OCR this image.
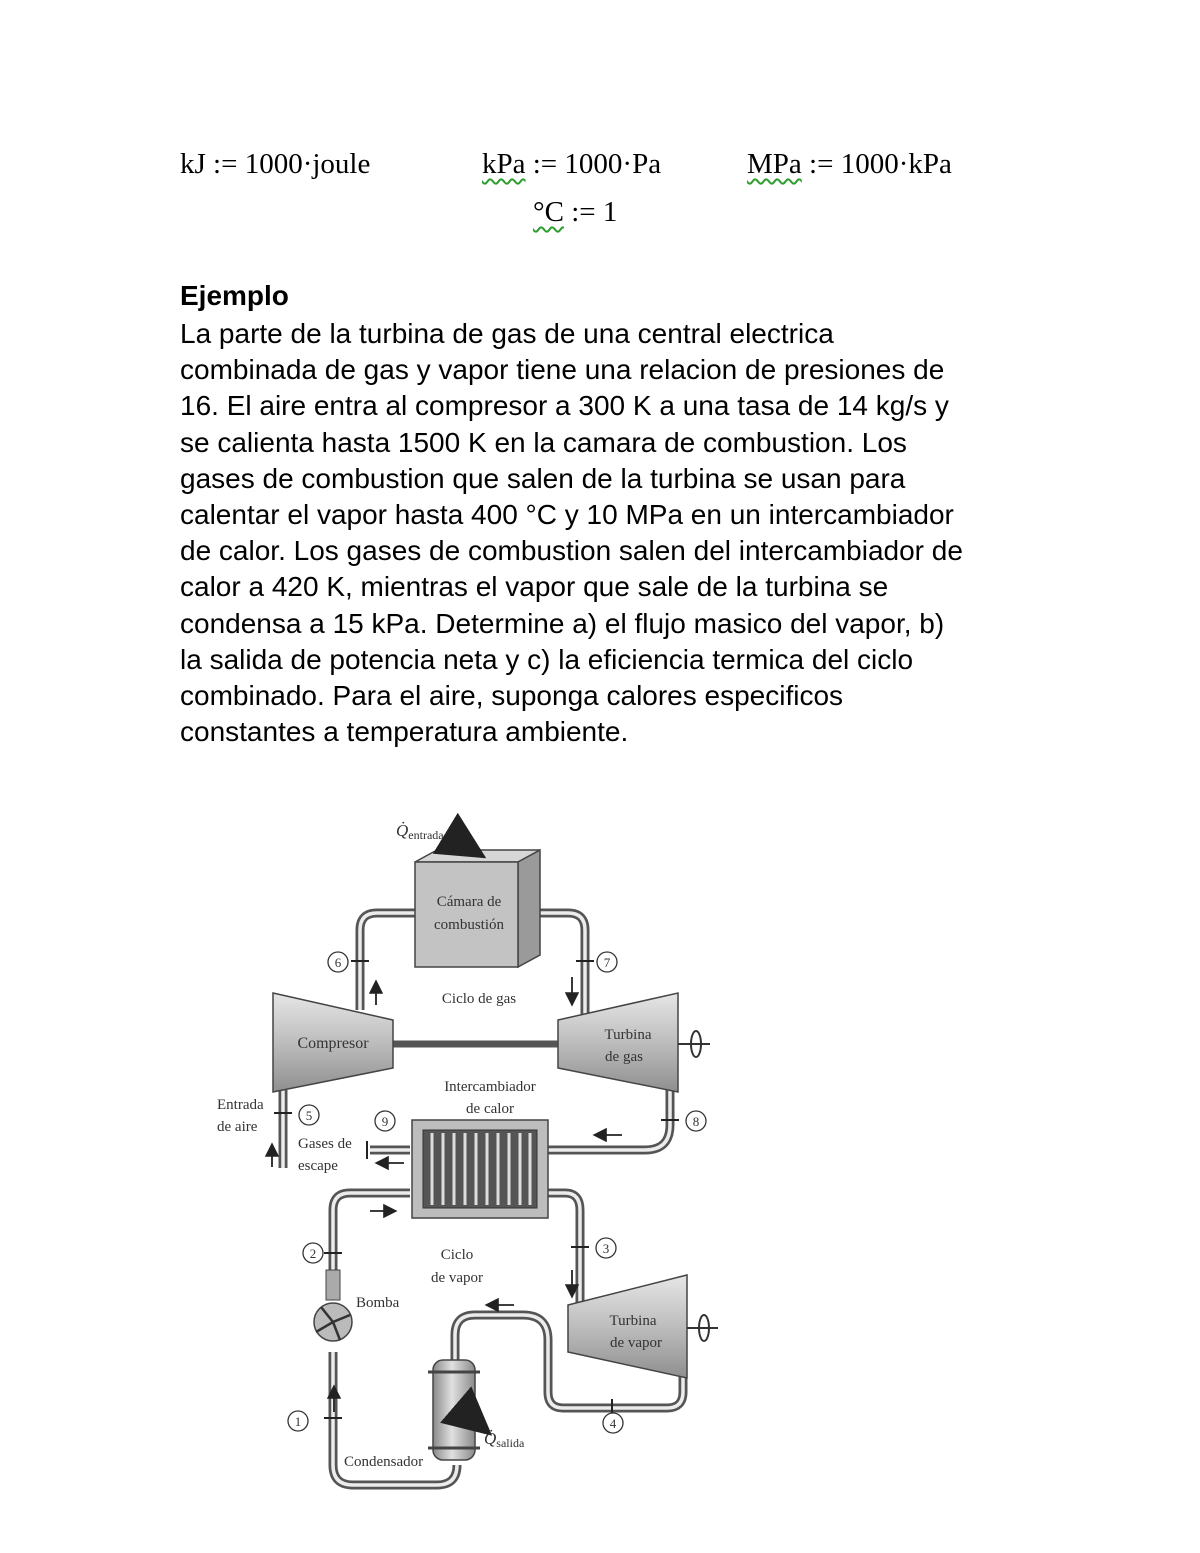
kJ := 1000·joule	kPa := 1000·Pa	MPa := 1000·kPa
°C := 1
Ejemplo
La parte de la turbina de gas de una central electrica
combinada de gas y vapor tiene una relacion de presiones de
16. El aire entra al compresor a 300 K a una tasa de 14 kg/s y
se calienta hasta 1500 K en la camara de combustion. Los
gases de combustion que salen de la turbina se usan para
calentar el vapor hasta 400 °C y 10 MPa en un intercambiador
de calor. Los gases de combustion salen del intercambiador de
calor a 420 K, mientras el vapor que sale de la turbina se
condensa a 15 kPa. Determine a) el flujo masico del vapor, b)
la salida de potencia neta y c) la eficiencia termica del ciclo
combinado. Para el aire, suponga calores especificos
constantes a temperatura ambiente.
1
2	3
4
5
6	7
8
9
$Q̇_{entrada}$
Cámara de
combustión
Ciclo de gas
Compresor	Turbina
de gas
Intercambiador
de calor
Entrada
de aire
Gases de
escape
Ciclo
de vapor
Bomba
Turbina
de vapor
Condensador
$Q̇_{salida}$
